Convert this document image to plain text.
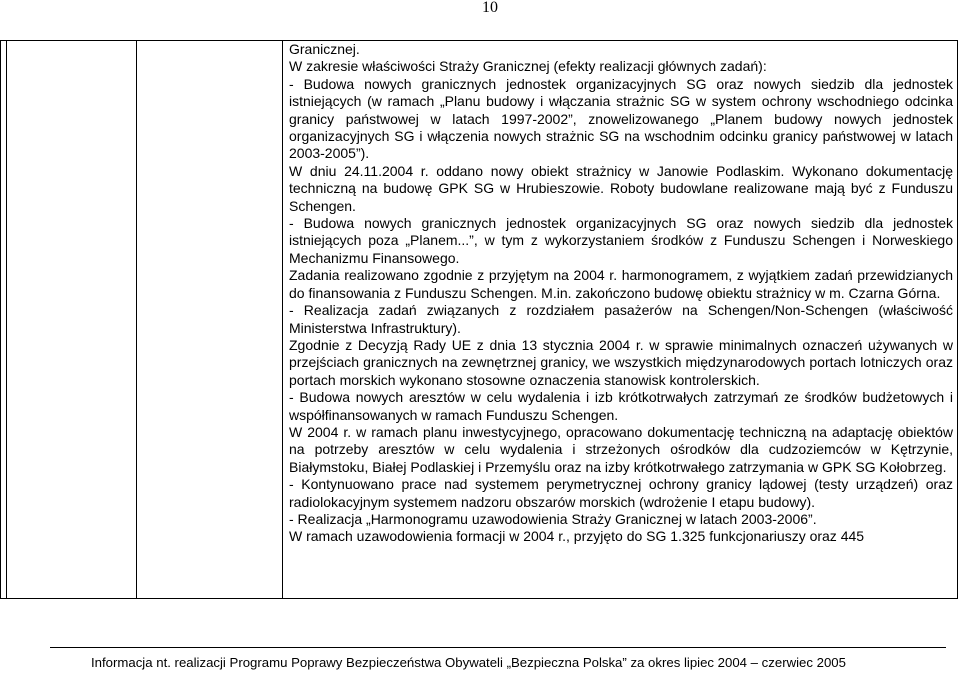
10

Granicznej.

W zakresie właściwości Straży Granicznej (efekty realizacji głównych zadań):

- Budowa nowych granicznych jednostek organizacyjnych SG oraz nowych siedzib dla jednostek istniejących (w ramach „Planu budowy i włączania strażnic SG w system ochrony wschodniego odcinka granicy państwowej w latach 1997-2002”, znowelizowanego „Planem budowy nowych jednostek organizacyjnych SG i włączenia nowych strażnic SG na wschodnim odcinku granicy państwowej w latach 2003-2005”).

W dniu 24.11.2004 r. oddano nowy obiekt strażnicy w Janowie Podlaskim. Wykonano dokumentację techniczną na budowę GPK SG w Hrubieszowie. Roboty budowlane realizowane mają być z Funduszu Schengen.

- Budowa nowych granicznych jednostek organizacyjnych SG oraz nowych siedzib dla jednostek istniejących poza „Planem...”, w tym z wykorzystaniem środków z Funduszu Schengen i Norweskiego Mechanizmu Finansowego.

Zadania realizowano zgodnie z przyjętym na 2004 r. harmonogramem, z wyjątkiem zadań przewidzianych do finansowania z Funduszu Schengen. M.in. zakończono budowę obiektu strażnicy w m. Czarna Górna.

- Realizacja zadań związanych z rozdziałem pasażerów na Schengen/Non-Schengen (właściwość Ministerstwa Infrastruktury).

Zgodnie z Decyzją Rady UE z dnia 13 stycznia 2004 r. w sprawie minimalnych oznaczeń używanych w przejściach granicznych na zewnętrznej granicy, we wszystkich międzynarodowych portach lotniczych oraz portach morskich wykonano stosowne oznaczenia stanowisk kontrolerskich.

- Budowa nowych aresztów w celu wydalenia i izb krótkotrwałych zatrzymań ze środków budżetowych i współfinansowanych w ramach Funduszu Schengen.

W 2004 r. w ramach planu inwestycyjnego, opracowano dokumentację techniczną na adaptację obiektów na potrzeby aresztów w celu wydalenia i strzeżonych ośrodków dla cudzoziemców w Kętrzynie, Białymstoku, Białej Podlaskiej i Przemyślu oraz na izby krótkotrwałego zatrzymania w GPK SG Kołobrzeg.

- Kontynuowano prace nad systemem perymetrycznej ochrony granicy lądowej (testy urządzeń) oraz radiolokacyjnym systemem nadzoru obszarów morskich (wdrożenie I etapu budowy).

- Realizacja „Harmonogramu uzawodowienia Straży Granicznej w latach 2003-2006”.

W ramach uzawodowienia formacji w 2004 r., przyjęto do SG 1.325 funkcjonariuszy oraz 445

Informacja nt. realizacji Programu Poprawy Bezpieczeństwa Obywateli „Bezpieczna Polska” za okres lipiec 2004 – czerwiec 2005
